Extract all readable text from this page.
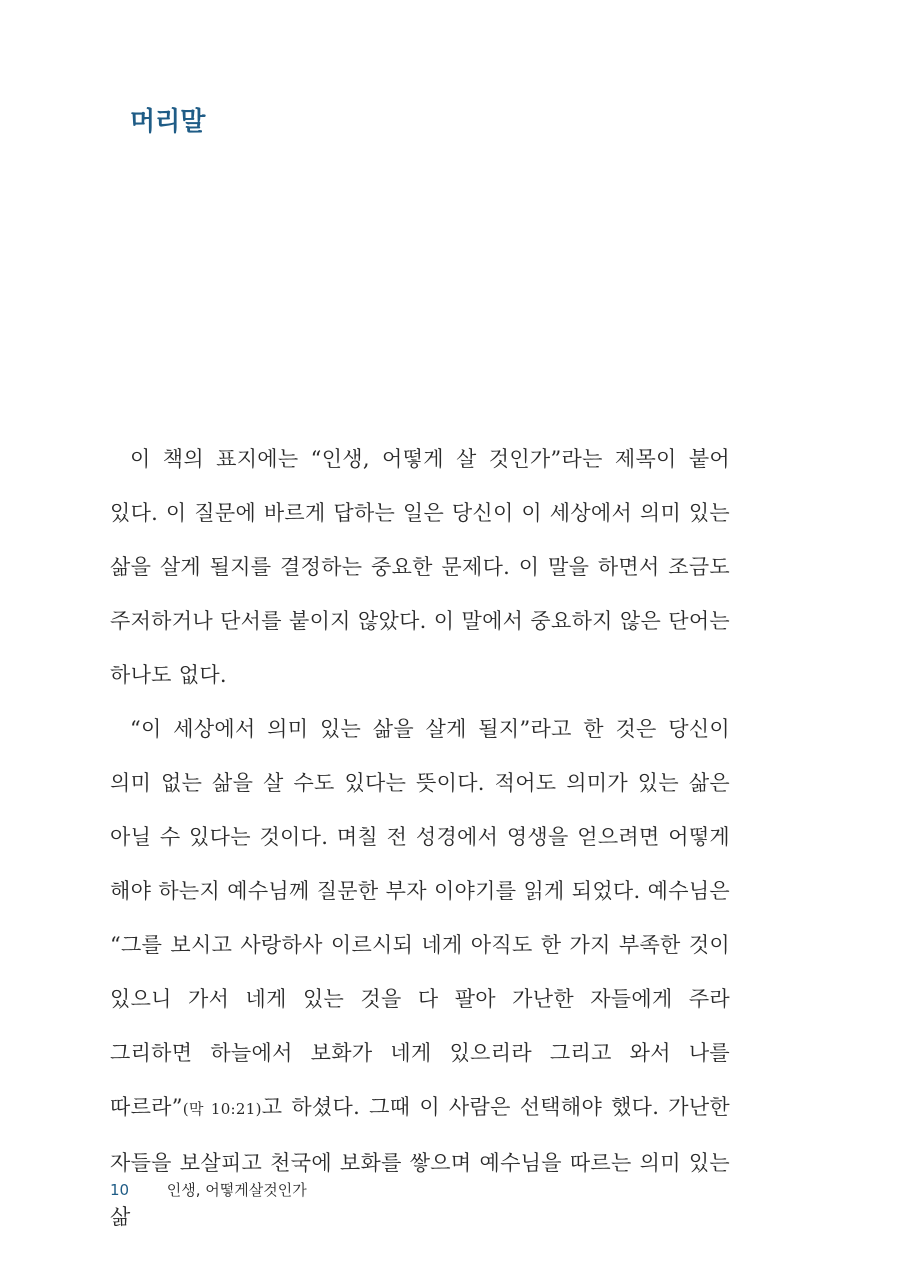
머리말

이 책의 표지에는 “인생, 어떻게 살 것인가”라는 제목이 붙어 있다. 이 질문에 바르게 답하는 일은 당신이 이 세상에서 의미 있는 삶을 살게 될지를 결정하는 중요한 문제다. 이 말을 하면서 조금도 주저하거나 단서를 붙이지 않았다. 이 말에서 중요하지 않은 단어는 하나도 없다.

“이 세상에서 의미 있는 삶을 살게 될지”라고 한 것은 당신이 의미 없는 삶을 살 수도 있다는 뜻이다. 적어도 의미가 있는 삶은 아닐 수 있다는 것이다. 며칠 전 성경에서 영생을 얻으려면 어떻게 해야 하는지 예수님께 질문한 부자 이야기를 읽게 되었다. 예수님은 “그를 보시고 사랑하사 이르시되 네게 아직도 한 가지 부족한 것이 있으니 가서 네게 있는 것을 다 팔아 가난한 자들에게 주라 그리하면 하늘에서 보화가 네게 있으리라 그리고 와서 나를 따르라”(막 10:21)고 하셨다. 그때 이 사람은 선택해야 했다. 가난한 자들을 보살피고 천국에 보화를 쌓으며 예수님을 따르는 의미 있는 삶

10	인생, 어떻게살것인가
